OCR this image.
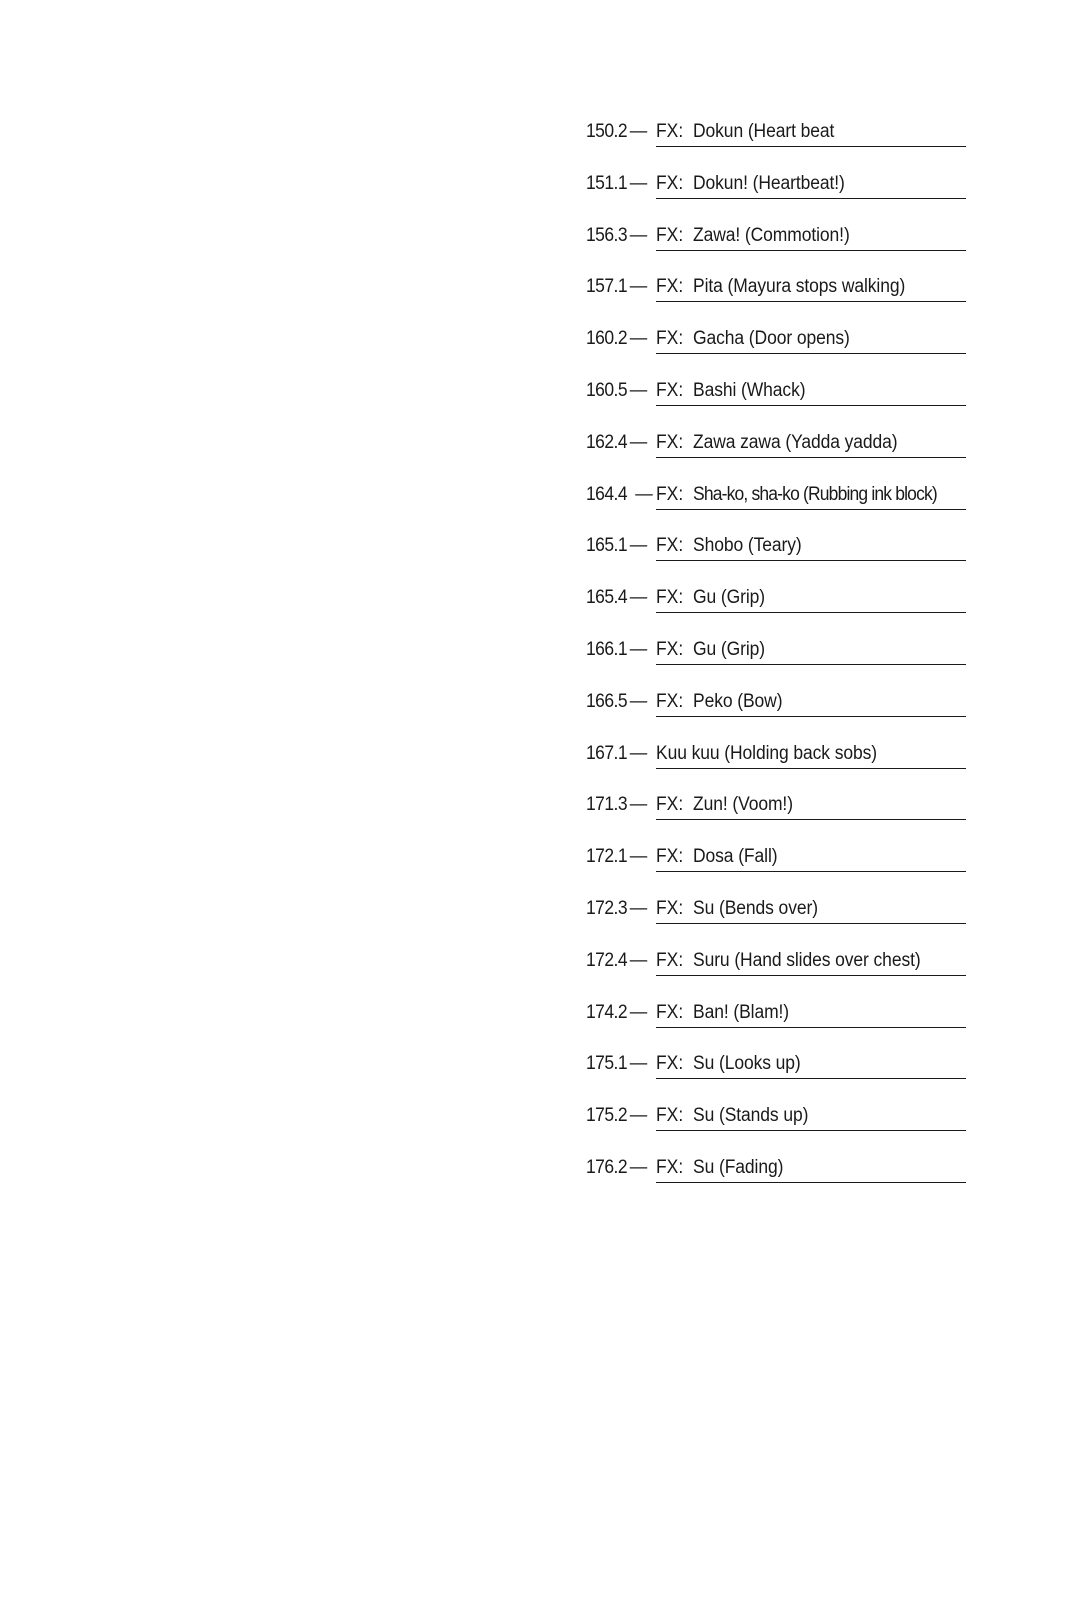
150.2 — FX: Dokun (Heart beat
151.1 — FX: Dokun! (Heartbeat!)
156.3 — FX: Zawa! (Commotion!)
157.1 — FX: Pita (Mayura stops walking)
160.2 — FX: Gacha (Door opens)
160.5 — FX: Bashi (Whack)
162.4 — FX: Zawa zawa (Yadda yadda)
164.4 — FX: Sha-ko, sha-ko (Rubbing ink block)
165.1 — FX: Shobo (Teary)
165.4 — FX: Gu (Grip)
166.1 — FX: Gu (Grip)
166.5 — FX: Peko (Bow)
167.1 — Kuu kuu (Holding back sobs)
171.3 — FX: Zun! (Voom!)
172.1 — FX: Dosa (Fall)
172.3 — FX: Su (Bends over)
172.4 — FX: Suru (Hand slides over chest)
174.2 — FX: Ban! (Blam!)
175.1 — FX: Su (Looks up)
175.2 — FX: Su (Stands up)
176.2 — FX: Su (Fading)
